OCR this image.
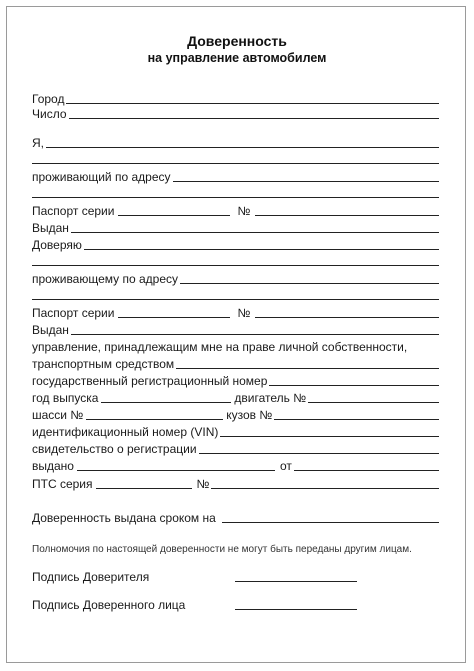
Доверенность
на управление автомобилем
Город
Число
Я,
проживающий по адресу
Паспорт серии	№
Выдан
Доверяю
проживающему по адресу
Паспорт серии	№
Выдан
управление, принадлежащим мне на праве личной собственности,
транспортным средством
государственный регистрационный номер
год выпуска	двигатель №
шасси №	кузов №
идентификационный номер (VIN)
свидетельство о регистрации
выдано	от
ПТС серия	№
Доверенность выдана сроком на
Полномочия по настоящей доверенности не могут быть переданы другим лицам.
Подпись Доверителя
Подпись Доверенного лица
